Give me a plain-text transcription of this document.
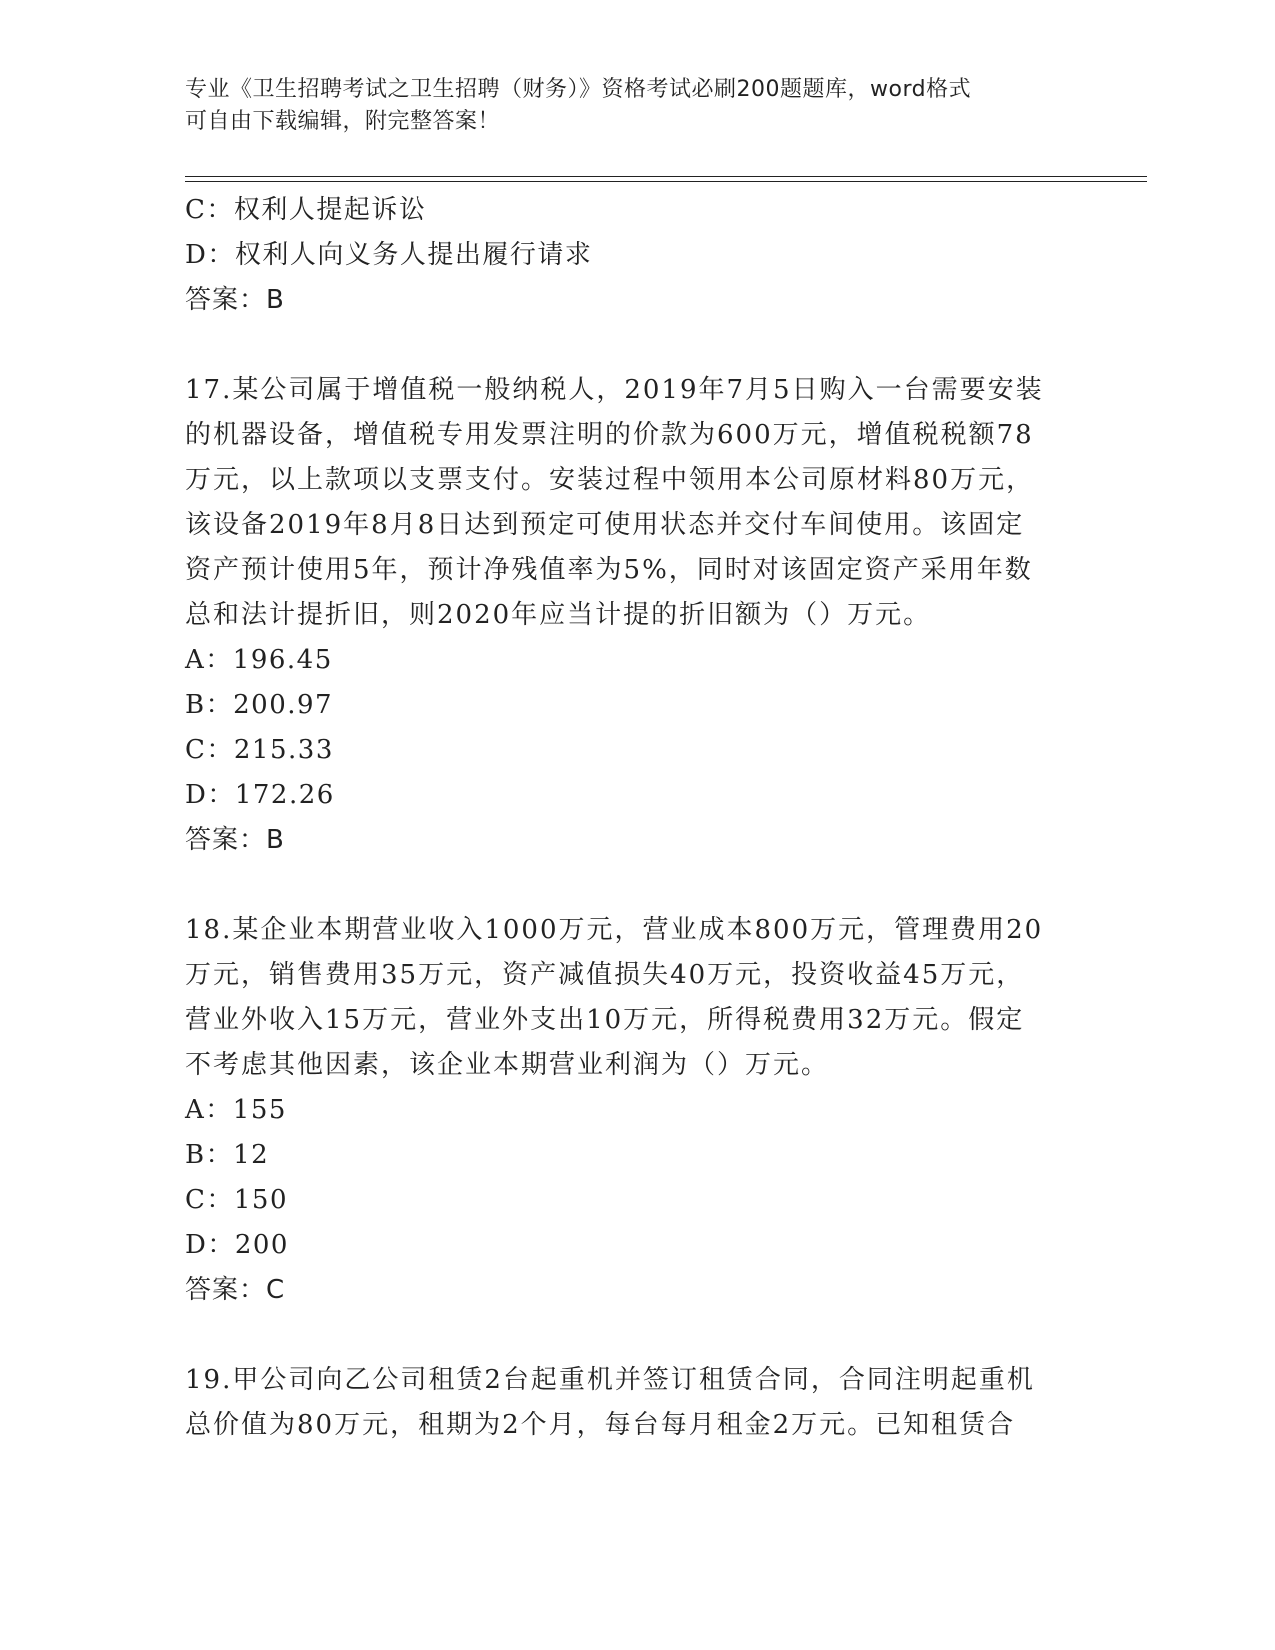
专业《卫生招聘考试之卫生招聘（财务）》资格考试必刷200题题库，word格式
可自由下载编辑，附完整答案！
C：权利人提起诉讼
D：权利人向义务人提出履行请求
答案：B
17.某公司属于增值税一般纳税人，2019年7月5日购入一台需要安装
的机器设备，增值税专用发票注明的价款为600万元，增值税税额78
万元，以上款项以支票支付。安装过程中领用本公司原材料80万元，
该设备2019年8月8日达到预定可使用状态并交付车间使用。该固定
资产预计使用5年，预计净残值率为5%，同时对该固定资产采用年数
总和法计提折旧，则2020年应当计提的折旧额为（）万元。
A：196.45
B：200.97
C：215.33
D：172.26
答案：B
18.某企业本期营业收入1000万元，营业成本800万元，管理费用20
万元，销售费用35万元，资产减值损失40万元，投资收益45万元，
营业外收入15万元，营业外支出10万元，所得税费用32万元。假定
不考虑其他因素，该企业本期营业利润为（）万元。
A：155
B：12
C：150
D：200
答案：C
19.甲公司向乙公司租赁2台起重机并签订租赁合同，合同注明起重机
总价值为80万元，租期为2个月，每台每月租金2万元。已知租赁合
